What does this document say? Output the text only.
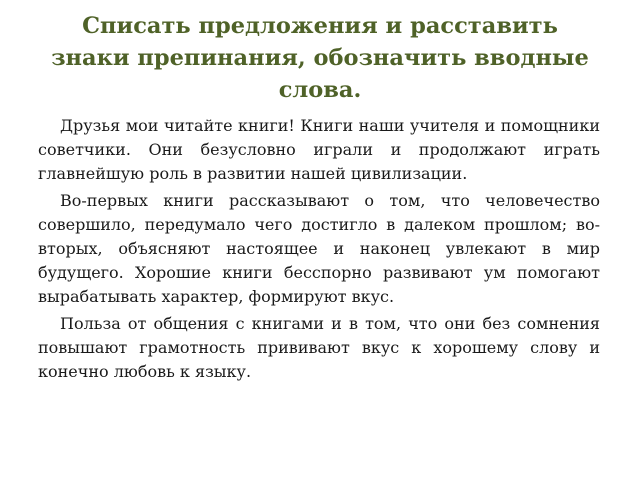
Списать предложения и расставить знаки препинания, обозначить вводные слова.

Друзья мои читайте книги! Книги наши учителя и помощники советчики. Они безусловно играли и продолжают играть главнейшую роль в развитии нашей цивилизации.

Во-первых книги рассказывают о том, что человечество совершило, передумало чего достигло в далеком прошлом; во-вторых, объясняют настоящее и наконец увлекают в мир будущего. Хорошие книги бесспорно развивают ум помогают вырабатывать характер, формируют вкус.

Польза от общения с книгами и в том, что они без сомнения повышают грамотность прививают вкус к хорошему слову и конечно любовь к языку.
